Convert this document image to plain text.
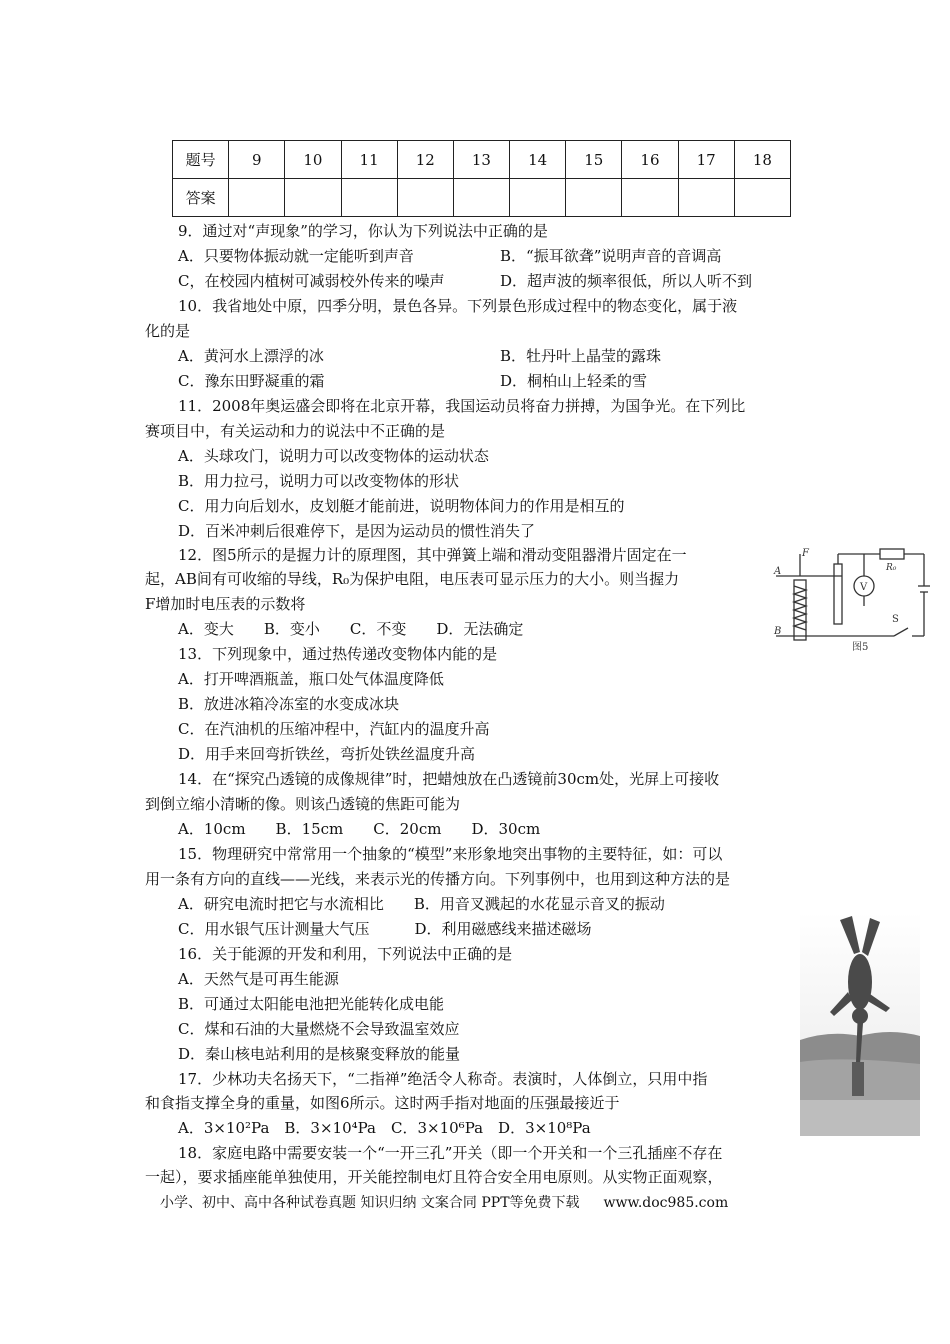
题号	9	10	11	12	13	14	15	16	17	18
答案										
9．通过对“声现象”的学习，你认为下列说法中正确的是
A．只要物体振动就一定能听到声音	B．“振耳欲聋”说明声音的音调高
C，在校园内植树可减弱校外传来的噪声	D．超声波的频率很低，所以人听不到
10．我省地处中原，四季分明，景色各异。下列景色形成过程中的物态变化，属于液
化的是
A．黄河水上漂浮的冰	B．牡丹叶上晶莹的露珠
C．豫东田野凝重的霜	D．桐柏山上轻柔的雪
11．2008年奥运盛会即将在北京开幕，我国运动员将奋力拼搏，为国争光。在下列比
赛项目中，有关运动和力的说法中不正确的是
A．头球攻门，说明力可以改变物体的运动状态
B．用力拉弓，说明力可以改变物体的形状
C．用力向后划水，皮划艇才能前进，说明物体间力的作用是相互的
D．百米冲刺后很难停下，是因为运动员的惯性消失了
12．图5所示的是握力计的原理图，其中弹簧上端和滑动变阻器滑片固定在一
起，AB间有可收缩的导线，R₀为保护电阻，电压表可显示压力的大小。则当握力
F增加时电压表的示数将
A．变大　　B．变小　　C．不变　　D．无法确定
13．下列现象中，通过热传递改变物体内能的是
A．打开啤酒瓶盖，瓶口处气体温度降低
B．放进冰箱冷冻室的水变成冰块
C．在汽油机的压缩冲程中，汽缸内的温度升高
D．用手来回弯折铁丝，弯折处铁丝温度升高
14．在“探究凸透镜的成像规律”时，把蜡烛放在凸透镜前30cm处，光屏上可接收
到倒立缩小清晰的像。则该凸透镜的焦距可能为
A．10cm　　B．15cm　　C．20cm　　D．30cm
15．物理研究中常常用一个抽象的“模型”来形象地突出事物的主要特征，如：可以
用一条有方向的直线——光线，来表示光的传播方向。下列事例中，也用到这种方法的是
A．研究电流时把它与水流相比　　B．用音叉溅起的水花显示音叉的振动
C．用水银气压计测量大气压　　　D．利用磁感线来描述磁场
16．关于能源的开发和利用，下列说法中正确的是
A．天然气是可再生能源
B．可通过太阳能电池把光能转化成电能
C．煤和石油的大量燃烧不会导致温室效应
D．秦山核电站利用的是核聚变释放的能量
17．少林功夫名扬天下，“二指禅”绝活令人称奇。表演时，人体倒立，只用中指
和食指支撑全身的重量，如图6所示。这时两手指对地面的压强最接近于
A．3×10²Pa　B．3×10⁴Pa　C．3×10⁶Pa　D．3×10⁸Pa
18．家庭电路中需要安装一个“一开三孔”开关（即一个开关和一个三孔插座不存在
一起），要求插座能单独使用，开关能控制电灯且符合安全用电原则。从实物正面观察，
F
A
B
R₀
V
S
图5
小学、初中、高中各种试卷真题 知识归纳 文案合同 PPT等免费下载 www.doc985.com
